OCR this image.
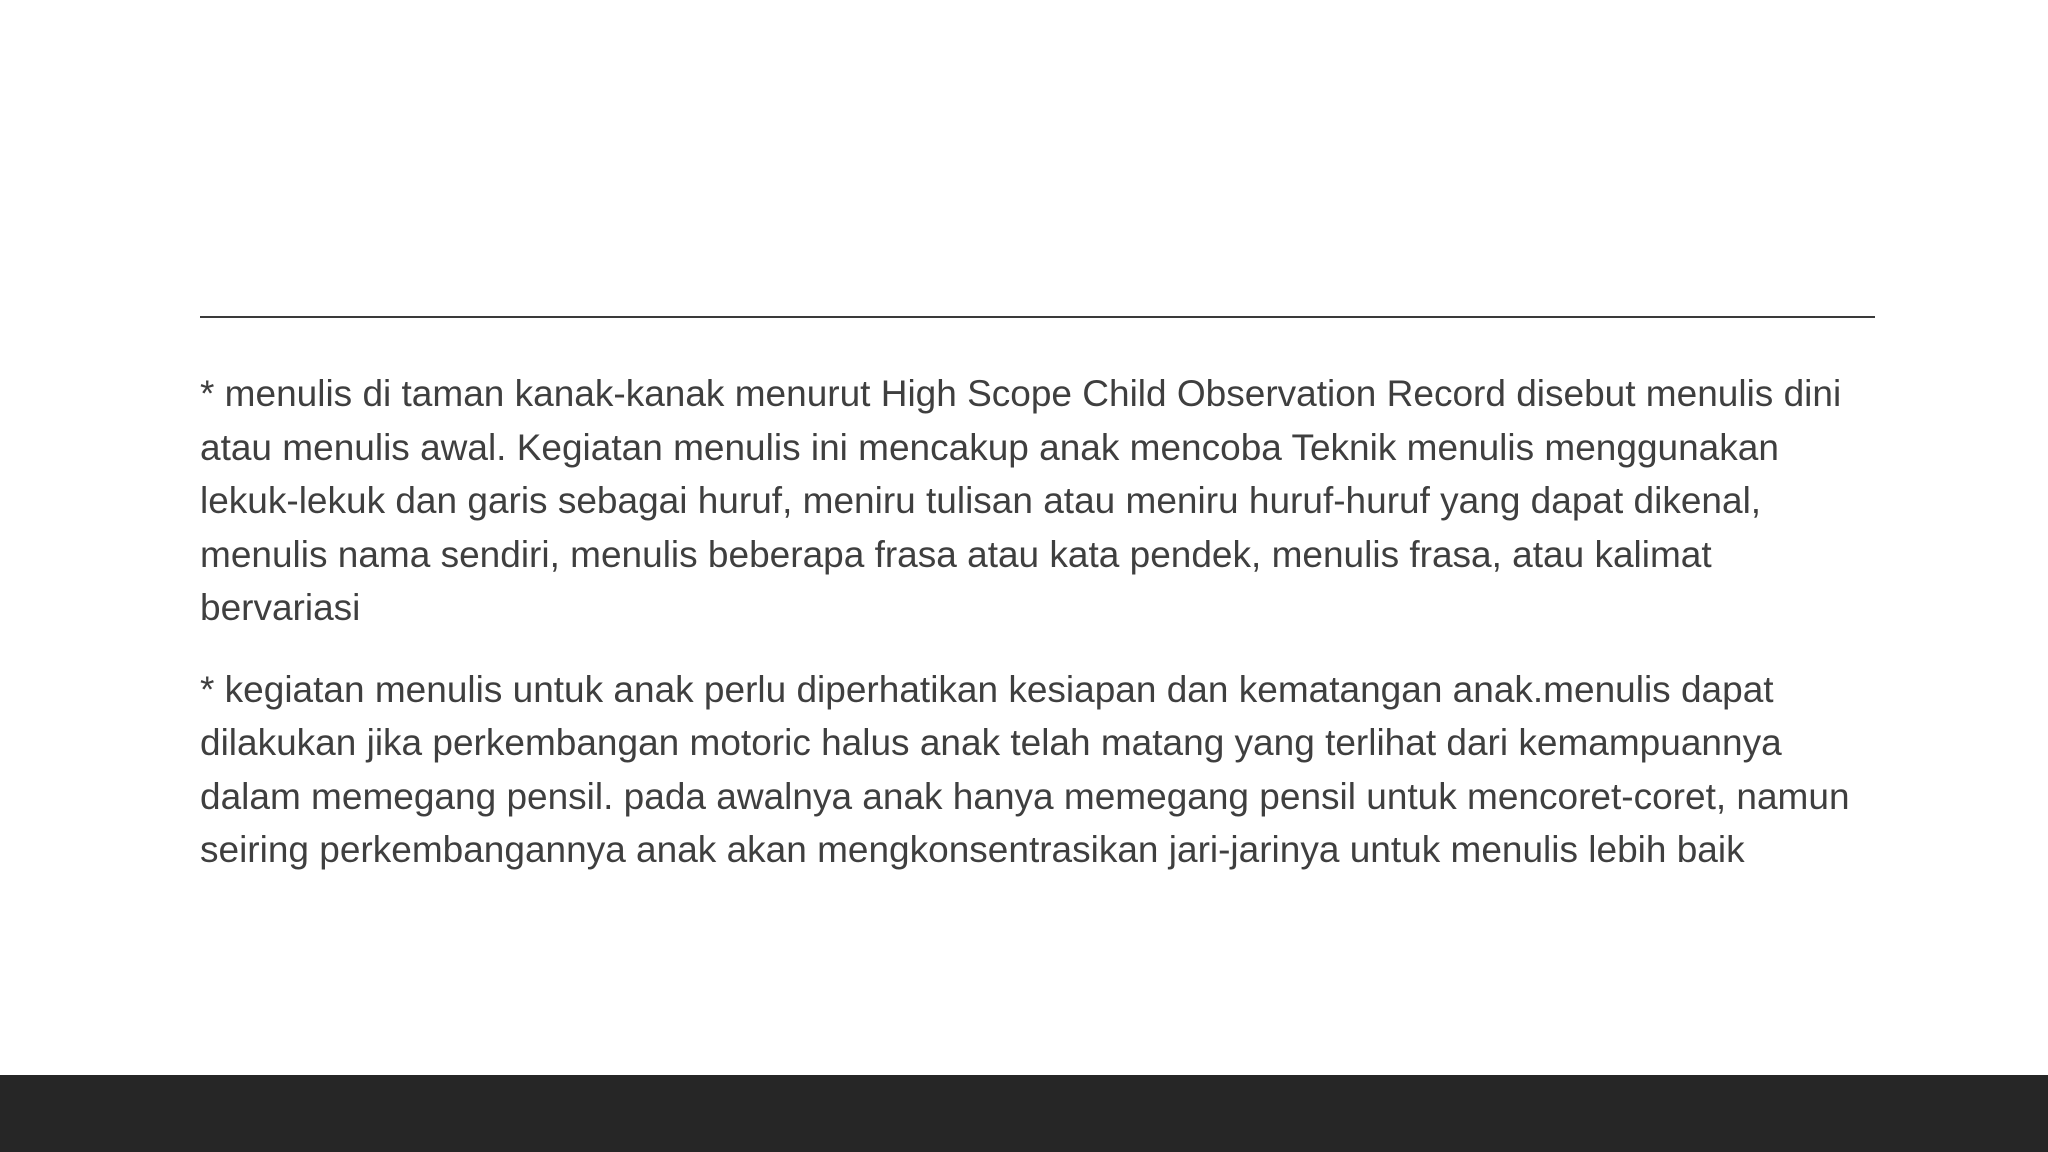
* menulis di taman kanak-kanak menurut High Scope Child Observation Record disebut menulis dini atau menulis awal. Kegiatan menulis ini mencakup anak mencoba Teknik menulis menggunakan lekuk-lekuk dan garis sebagai huruf, meniru tulisan atau meniru huruf-huruf yang dapat dikenal, menulis nama sendiri, menulis beberapa frasa atau kata pendek, menulis frasa, atau kalimat bervariasi

* kegiatan menulis untuk anak perlu diperhatikan kesiapan dan kematangan anak.menulis dapat dilakukan jika perkembangan motoric halus anak telah matang yang terlihat dari kemampuannya dalam memegang pensil. pada awalnya anak hanya memegang pensil untuk mencoret-coret, namun seiring perkembangannya anak akan mengkonsentrasikan jari-jarinya untuk menulis lebih baik
